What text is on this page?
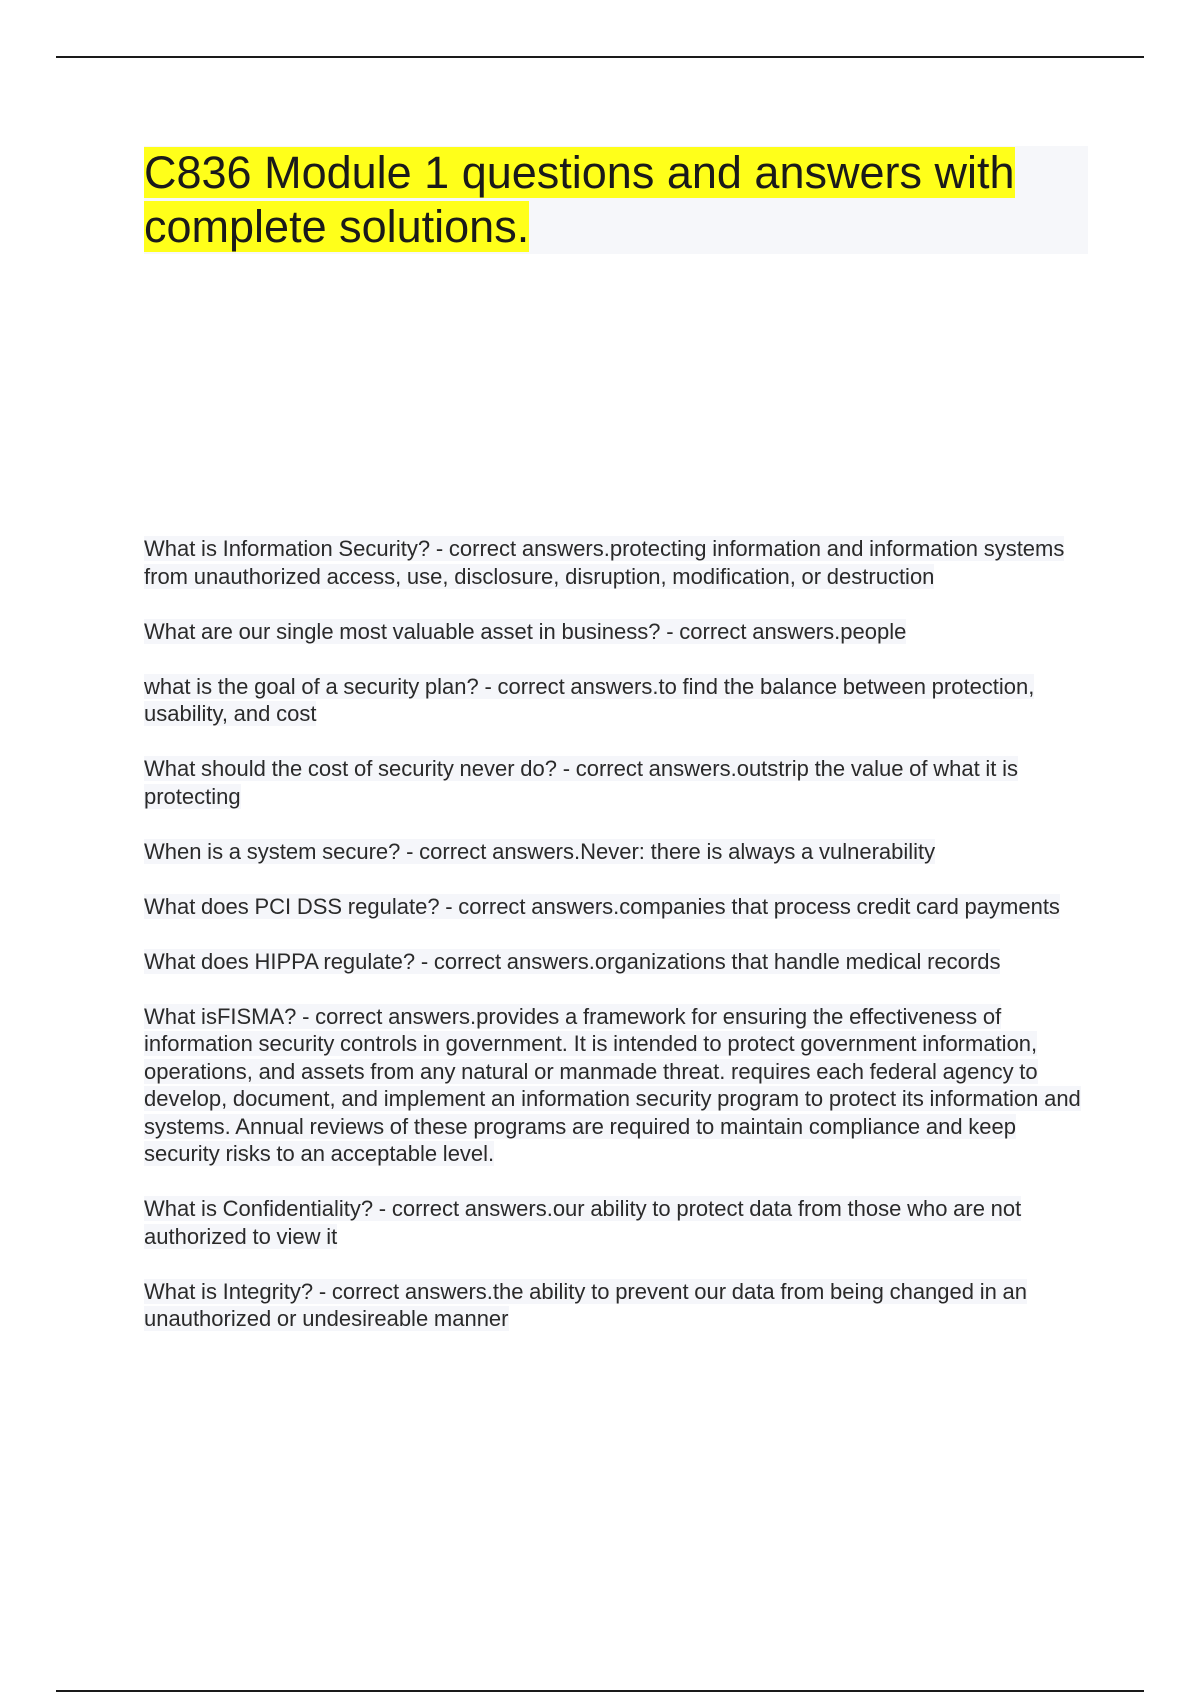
C836 Module 1 questions and answers with complete solutions.

What is Information Security? - correct answers.protecting information and information systems from unauthorized access, use, disclosure, disruption, modification, or destruction

What are our single most valuable asset in business? - correct answers.people

what is the goal of a security plan? - correct answers.to find the balance between protection, usability, and cost

What should the cost of security never do? - correct answers.outstrip the value of what it is protecting

When is a system secure? - correct answers.Never: there is always a vulnerability

What does PCI DSS regulate? - correct answers.companies that process credit card payments

What does HIPPA regulate? - correct answers.organizations that handle medical records

What isFISMA? - correct answers.provides a framework for ensuring the effectiveness of information security controls in government. It is intended to protect government information, operations, and assets from any natural or manmade threat. requires each federal agency to develop, document, and implement an information security program to protect its information and systems. Annual reviews of these programs are required to maintain compliance and keep security risks to an acceptable level.

What is Confidentiality? - correct answers.our ability to protect data from those who are not authorized to view it

What is Integrity? - correct answers.the ability to prevent our data from being changed in an unauthorized or undesireable manner
